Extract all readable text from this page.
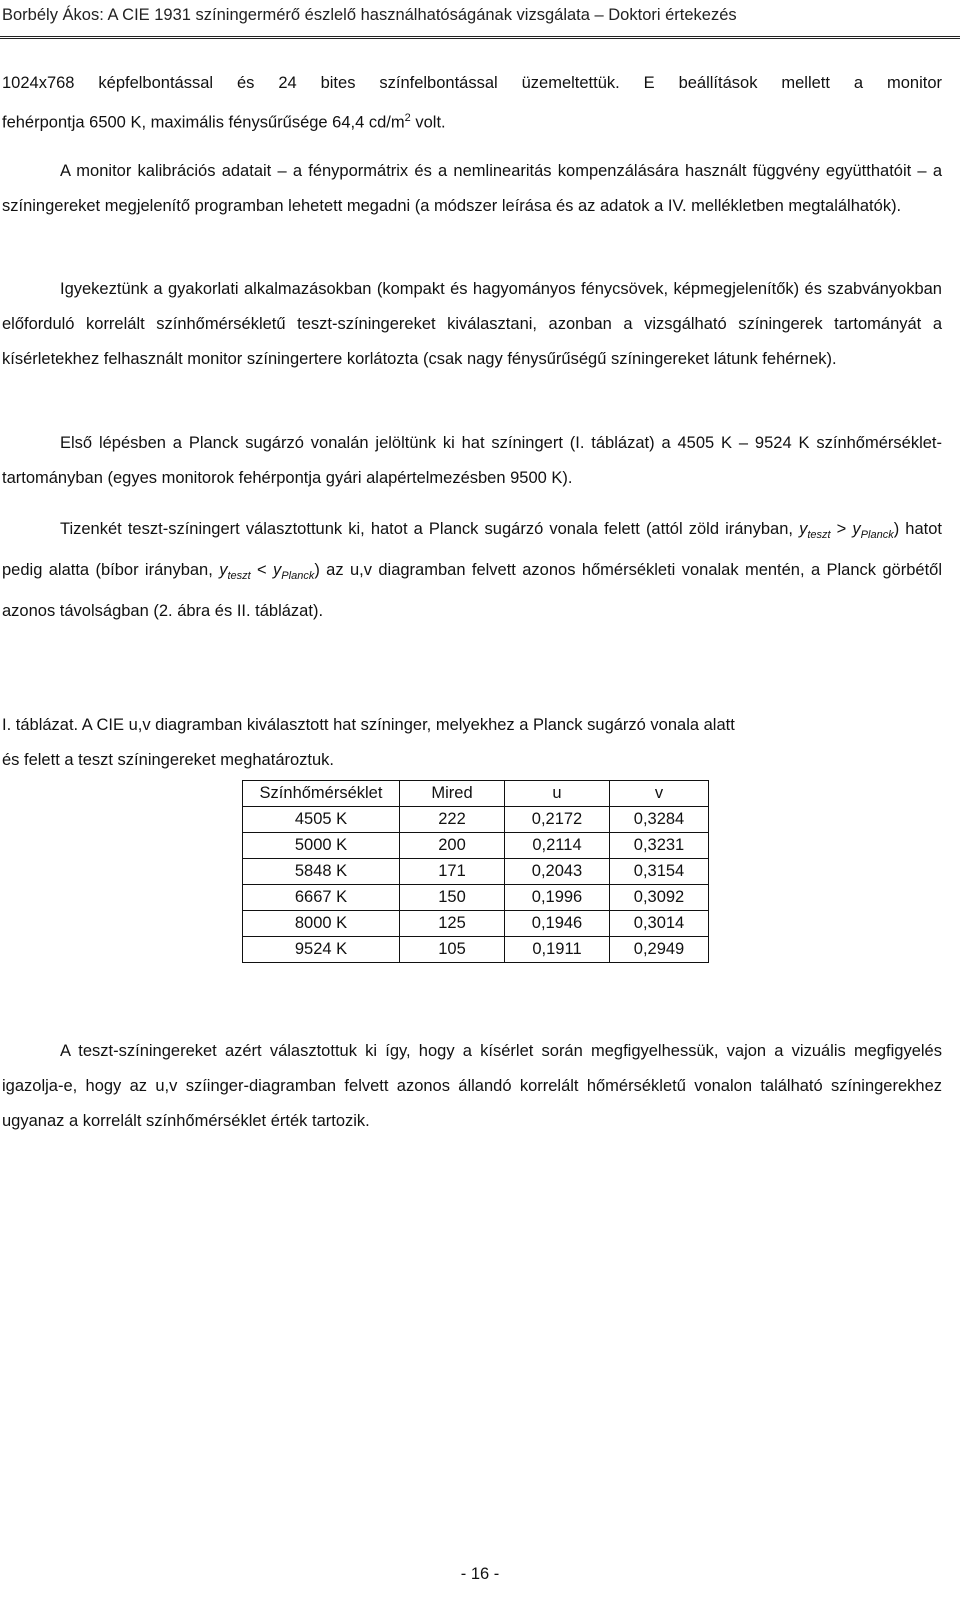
Borbély Ákos: A CIE 1931 színingermérő észlelő használhatóságának vizsgálata – Doktori értekezés
1024x768 képfelbontással és 24 bites színfelbontással üzemeltettük. E beállítások mellett a monitor
fehérpontja 6500 K, maximális fénysűrűsége 64,4 $cd/m^2$ volt.

A monitor kalibrációs adatait – a fénypormátrix és a nemlinearitás kompenzálására használt függvény együtthatóit – a színingereket megjelenítő programban lehetett megadni (a módszer leírása és az adatok a IV. mellékletben megtalálhatók).

Igyekeztünk a gyakorlati alkalmazásokban (kompakt és hagyományos fénycsövek, képmegjelenítők) és szabványokban előforduló korrelált színhőmérsékletű teszt-színingereket kiválasztani, azonban a vizsgálható színingerek tartományát a kísérletekhez felhasznált monitor színingertere korlátozta (csak nagy fénysűrűségű színingereket látunk fehérnek).

Első lépésben a Planck sugárzó vonalán jelöltünk ki hat színingert (I. táblázat) a 4505 K – 9524 K színhőmérséklet-tartományban (egyes monitorok fehérpontja gyári alapértelmezésben 9500 K).

Tizenkét teszt-színingert választottunk ki, hatot a Planck sugárzó vonala felett (attól zöld irányban, $y_{teszt} > y_{Planck}$) hatot pedig alatta (bíbor irányban, $y_{teszt} < y_{Planck}$) az u,v diagramban felvett azonos hőmérsékleti vonalak mentén, a Planck görbétől azonos távolságban (2. ábra és II. táblázat).

I. táblázat. A CIE u,v diagramban kiválasztott hat színinger, melyekhez a Planck sugárzó vonala alatt
és felett a teszt színingereket meghatároztuk.
Színhőmérséklet	Mired	u	v
4505 K	222	0,2172	0,3284
5000 K	200	0,2114	0,3231
5848 K	171	0,2043	0,3154
6667 K	150	0,1996	0,3092
8000 K	125	0,1946	0,3014
9524 K	105	0,1911	0,2949

A teszt-színingereket azért választottuk ki így, hogy a kísérlet során megfigyelhessük, vajon a vizuális megfigyelés igazolja-e, hogy az u,v szíinger-diagramban felvett azonos állandó korrelált hőmérsékletű vonalon található színingerekhez ugyanaz a korrelált színhőmérséklet érték tartozik.

- 16 -
